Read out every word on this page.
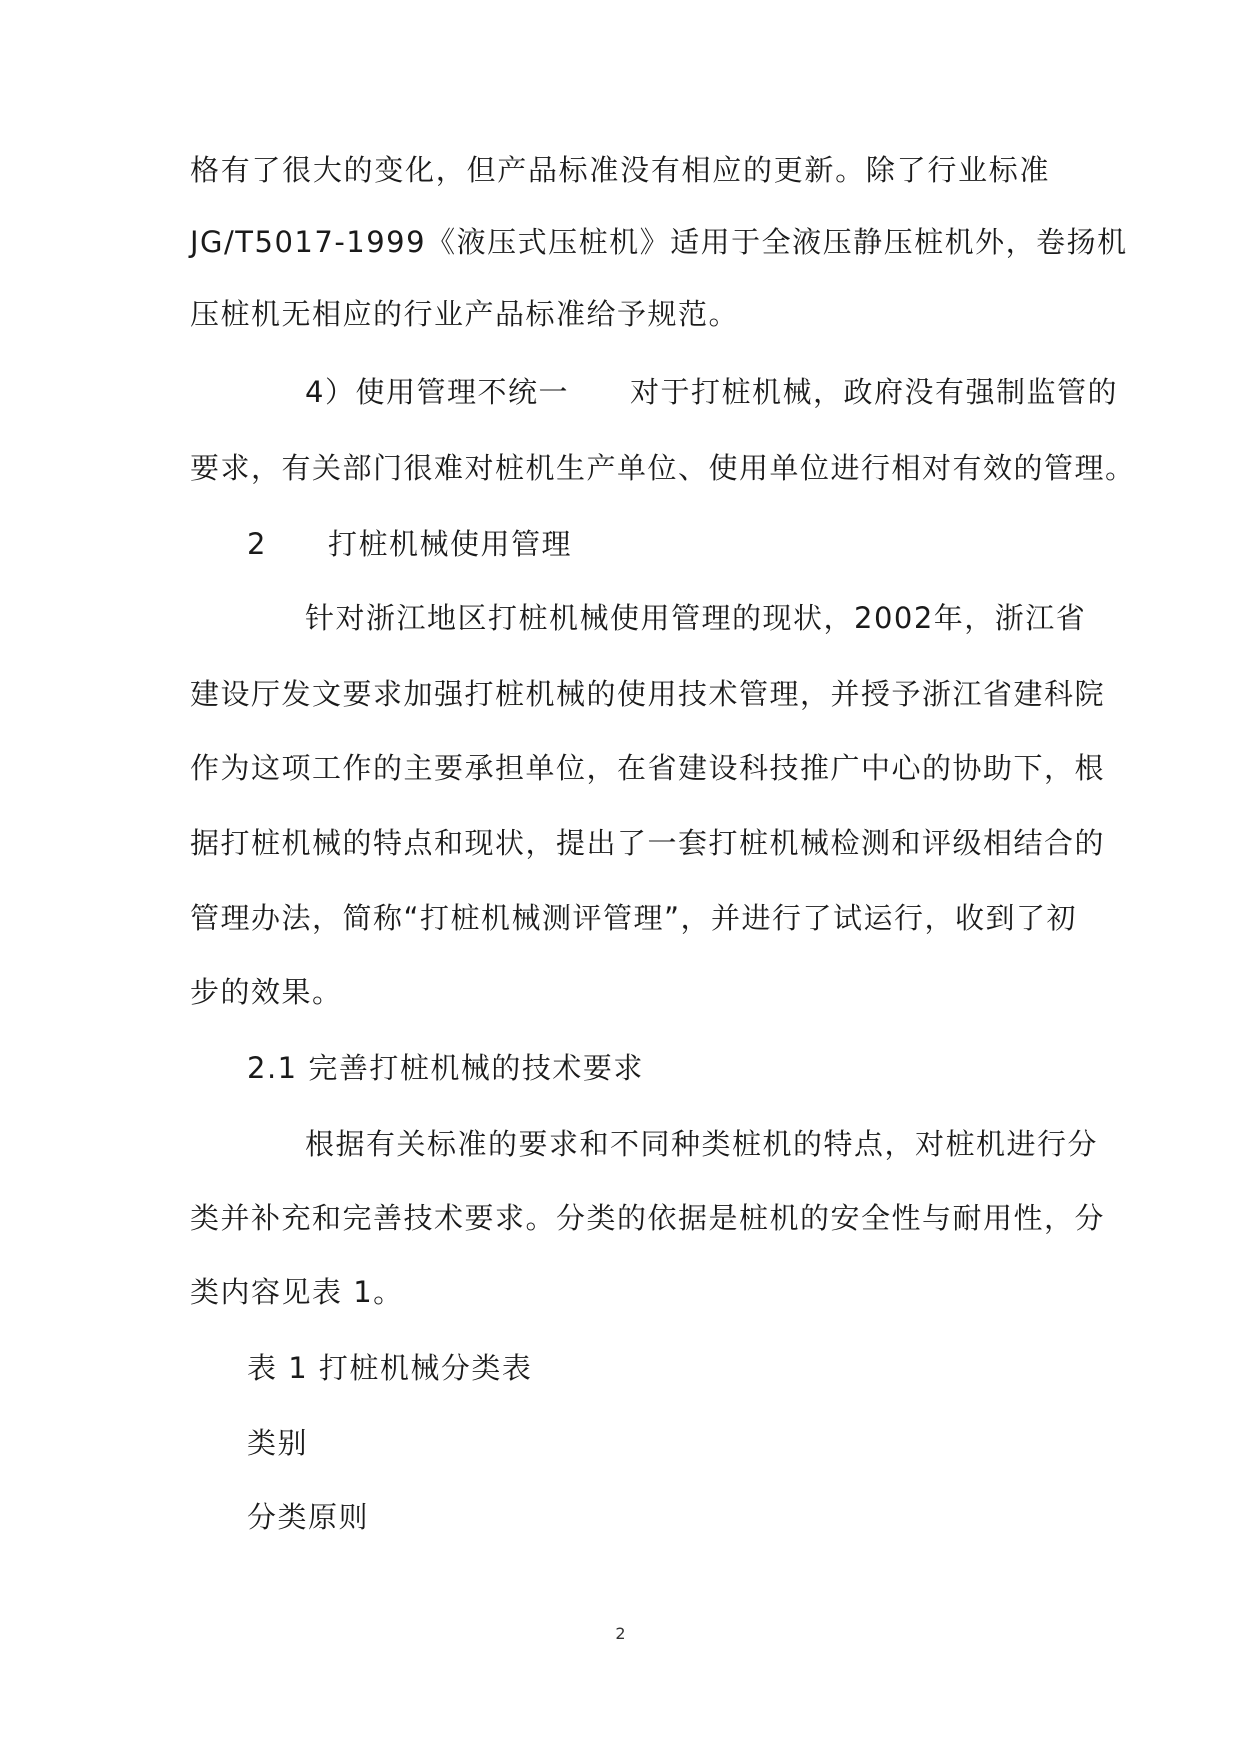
格有了很大的变化，但产品标准没有相应的更新。除了行业标准
JG/T5017-1999《液压式压桩机》适用于全液压静压桩机外，卷扬机
压桩机无相应的行业产品标准给予规范。
4）使用管理不统一　　对于打桩机械，政府没有强制监管的
要求，有关部门很难对桩机生产单位、使用单位进行相对有效的管理。
2　　打桩机械使用管理
针对浙江地区打桩机械使用管理的现状，2002年，浙江省
建设厅发文要求加强打桩机械的使用技术管理，并授予浙江省建科院
作为这项工作的主要承担单位，在省建设科技推广中心的协助下，根
据打桩机械的特点和现状，提出了一套打桩机械检测和评级相结合的
管理办法，简称“打桩机械测评管理”，并进行了试运行，收到了初
步的效果。
2.1 完善打桩机械的技术要求
根据有关标准的要求和不同种类桩机的特点，对桩机进行分
类并补充和完善技术要求。分类的依据是桩机的安全性与耐用性，分
类内容见表 1。
表 1 打桩机械分类表
类别
分类原则
2
